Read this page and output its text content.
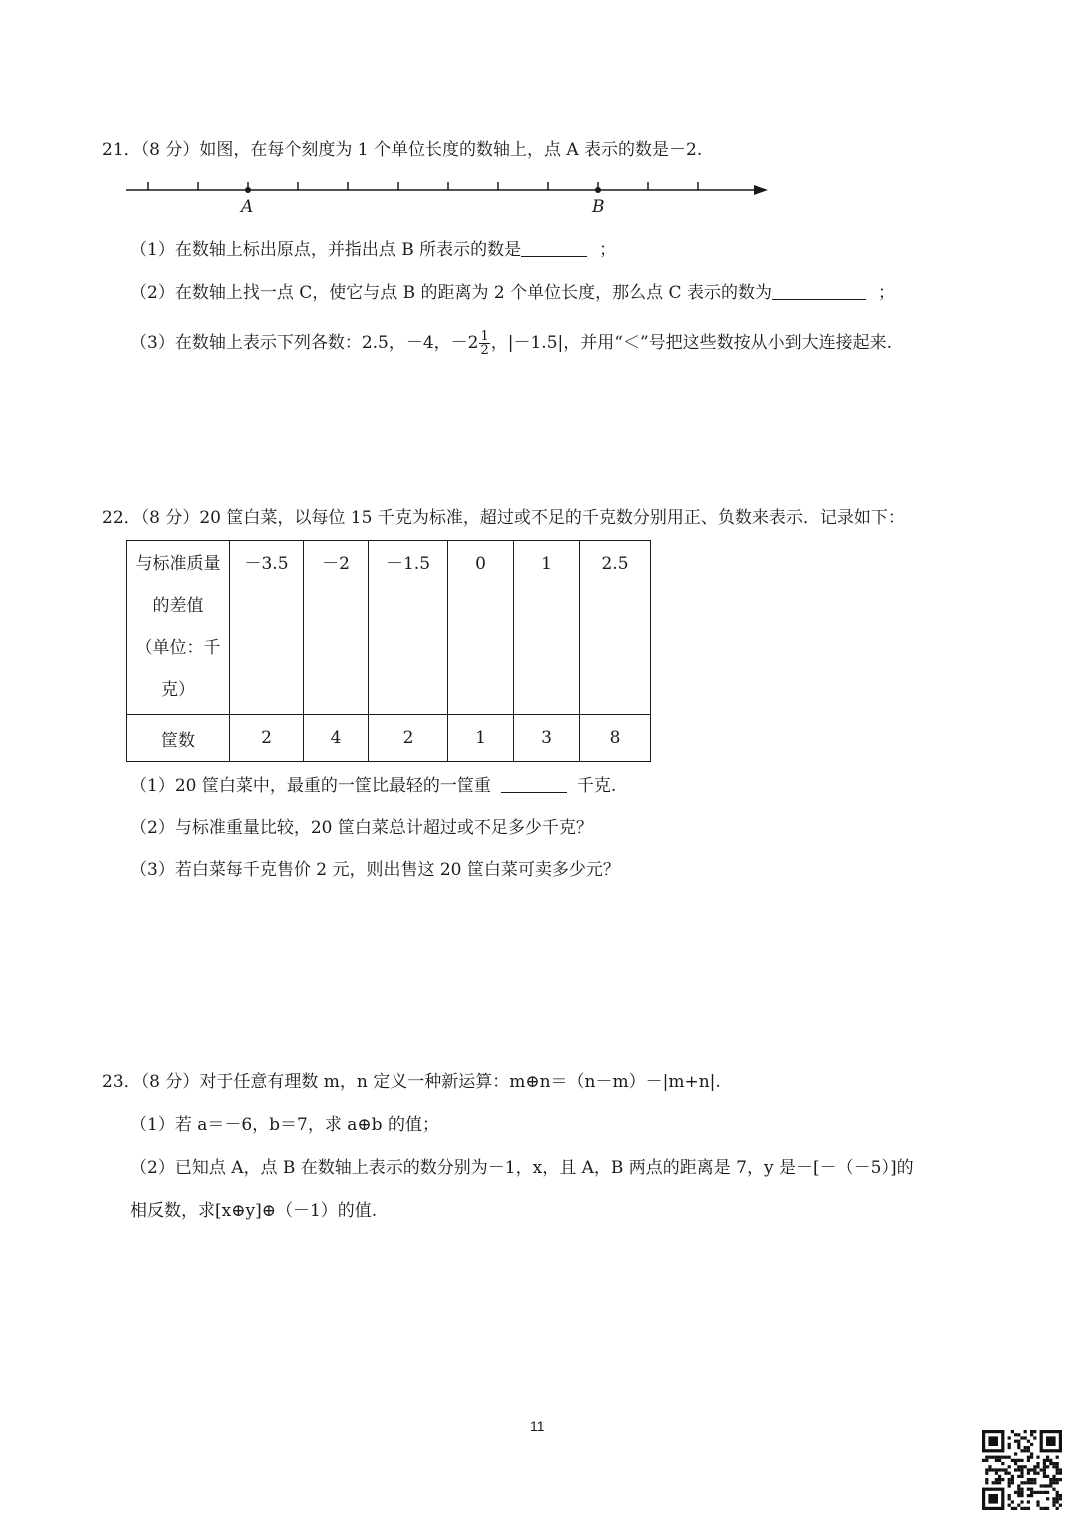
21．（8 分）如图，在每个刻度为 1 个单位长度的数轴上，点 A 表示的数是－2.
A	B
（1）在数轴上标出原点，并指出点 B 所表示的数是	；
（2）在数轴上找一点 C，使它与点 B 的距离为 2 个单位长度，那么点 C 表示的数为	；
（3）在数轴上表示下列各数：2.5，－4，$-2 \frac{1}{2}$ ，|－1.5|，并用“＜”号把这些数按从小到大连接起来.
22．（8 分）20 筐白菜，以每位 15 千克为标准，超过或不足的千克数分别用正、负数来表示．记录如下：
与标准质量
的差值
（单位：千
克）	－3.5	－2	－1.5	0	1	2.5
筐数	2	4	2	1	3	8
（1）20 筐白菜中，最重的一筐比最轻的一筐重	千克.
（2）与标准重量比较，20 筐白菜总计超过或不足多少千克？
（3）若白菜每千克售价 2 元，则出售这 20 筐白菜可卖多少元？
23．（8 分）对于任意有理数 m，n 定义一种新运算：m⊕n＝（n－m）－|m+n|.
（1）若 a＝－6，b＝7，求 a⊕b 的值；
（2）已知点 A，点 B 在数轴上表示的数分别为－1，x，且 A，B 两点的距离是 7，y 是－[－（－5）]的
相反数，求[x⊕y]⊕（－1）的值.
11
